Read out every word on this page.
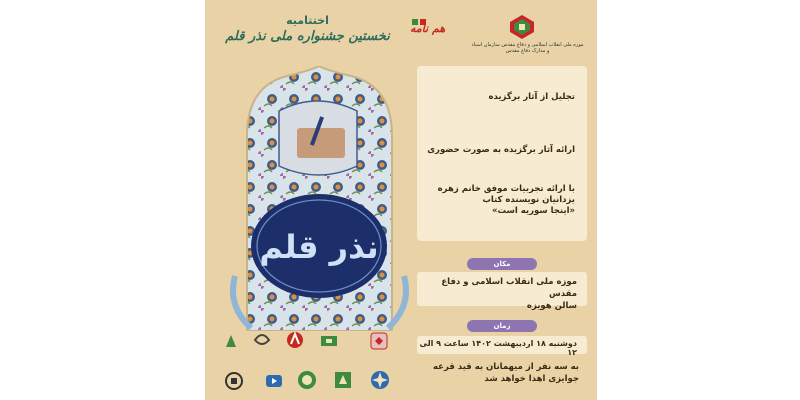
اختتامیه
نخستین جشنواره ملی نذر قلم
هم نامه
موزه ملی انقلاب اسلامی و دفاع مقدس سازمان اسناد و مدارک دفاع مقدس
نذر قلم
تجلیل از آثار برگزیده
ارائه آثار برگزیده به صورت حضوری
با ارائه تجربیات موفق خانم زهره
یزدانیان نویسنده کتاب
«اینجا سوریه است»
مکان
موزه ملی انقلاب اسلامی و دفاع مقدس
سالن هویزه
زمان
دوشنبه ۱۸ اردیبهشت ۱۴۰۲ ساعت ۹ الی ۱۲
به سه نفر از میهمانان به قید قرعه
جوایزی اهدا خواهد شد
